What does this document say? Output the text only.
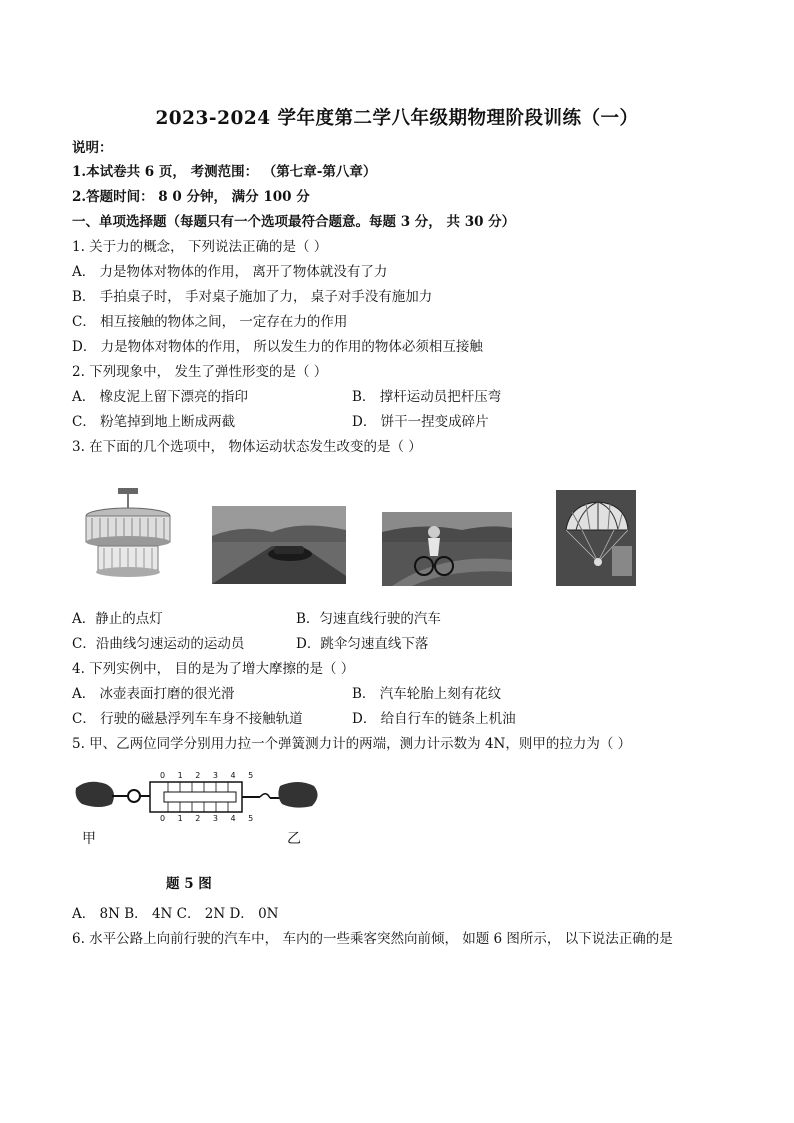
2023-2024 学年度第二学八年级期物理阶段训练（一）
说明：
1.本试卷共 6 页， 考测范围： （第七章-第八章）
2.答题时间： 8 0 分钟， 满分 100 分
一、单项选择题（每题只有一个选项最符合题意。每题 3 分， 共 30 分）
1. 关于力的概念， 下列说法正确的是（ ）
A． 力是物体对物体的作用， 离开了物体就没有了力
B． 手拍桌子时， 手对桌子施加了力， 桌子对手没有施加力
C． 相互接触的物体之间， 一定存在力的作用
D． 力是物体对物体的作用， 所以发生力的作用的物体必须相互接触
2. 下列现象中， 发生了弹性形变的是（ ）
A． 橡皮泥上留下漂亮的指印	B． 撑杆运动员把杆压弯
C． 粉笔掉到地上断成两截	D． 饼干一捏变成碎片
3. 在下面的几个选项中， 物体运动状态发生改变的是（ ）
A．静止的点灯	B．匀速直线行驶的汽车
C．沿曲线匀速运动的运动员	D．跳伞匀速直线下落
4. 下列实例中， 目的是为了增大摩擦的是（ ）
A． 冰壶表面打磨的很光滑	B． 汽车轮胎上刻有花纹
C． 行驶的磁悬浮列车车身不接触轨道	D． 给自行车的链条上机油
5. 甲、乙两位同学分别用力拉一个弹簧测力计的两端，测力计示数为 4N，则甲的拉力为（ ）
0 1 2 3 4 5
0 1 2 3 4 5
甲	乙
题 5 图
A． 8N B． 4N C． 2N D． 0N
6. 水平公路上向前行驶的汽车中， 车内的一些乘客突然向前倾， 如题 6 图所示， 以下说法正确的是
